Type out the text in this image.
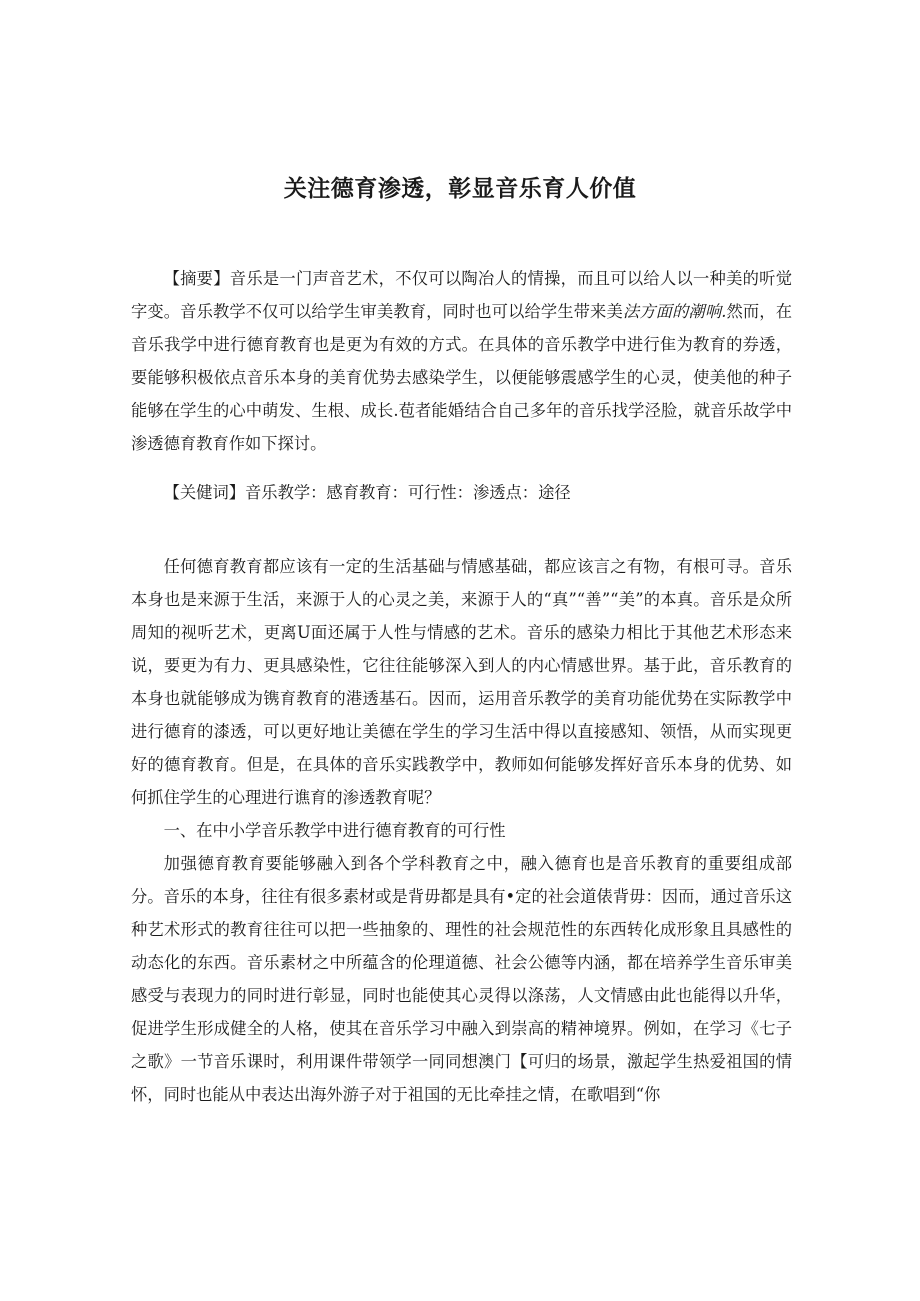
关注德育渗透，彰显音乐育人价值

【摘要】音乐是一门声音艺术，不仅可以陶冶人的情操，而且可以给人以一种美的听觉字变。音乐教学不仅可以给学生审美教育，同时也可以给学生带来美法方面的潮响.然而，在音乐我学中进行德育教育也是更为有效的方式。在具体的音乐教学中进行隹为教育的券透，要能够积极依点音乐本身的美育优势去感染学生，以便能够震感学生的心灵，使美他的种子能够在学生的心中萌发、生根、成长.苞者能婚结合自己多年的音乐找学泾脸，就音乐故学中渗透德育教育作如下探讨。

【关健词】音乐教学：感育教育：可行性：渗透点：途径

任何德育教育都应该有一定的生活基础与情感基础，都应该言之有物，有根可寻。音乐本身也是来源于生活，来源于人的心灵之美，来源于人的“真”“善”“美”的本真。音乐是众所周知的视听艺术，更离U面还属于人性与情感的艺术。音乐的感染力相比于其他艺术形态来说，要更为有力、更具感染性，它往往能够深入到人的内心情感世界。基于此，音乐教育的本身也就能够成为镌育教育的港透基石。因而，运用音乐教学的美育功能优势在实际教学中进行德育的漆透，可以更好地让美德在学生的学习生活中得以直接感知、领悟，从而实现更好的德育教育。但是，在具体的音乐实践教学中，教师如何能够发挥好音乐本身的优势、如何抓住学生的心理进行谯育的渗透教育呢？

一、在中小学音乐教学中进行德育教育的可行性

加强德育教育要能够融入到各个学科教育之中，融入德育也是音乐教育的重要组成部分。音乐的本身，往往有很多素材或是背毋都是具有•定的社会道俵背毋：因而，通过音乐这种艺术形式的教育往往可以把一些抽象的、理性的社会规范性的东西转化成形象且具感性的动态化的东西。音乐素材之中所蕴含的伦理道德、社会公德等内涵，都在培养学生音乐审美感受与表现力的同时进行彰显，同时也能使其心灵得以涤荡，人文情感由此也能得以升华，促进学生形成健全的人格，使其在音乐学习中融入到崇高的精神境界。例如，在学习《七子之歌》一节音乐课时，利用课件带领学一同同想澳门【可归的场景，激起学生热爱祖国的情怀，同时也能从中表达出海外游子对于祖国的无比牵挂之情，在歌唱到“你
